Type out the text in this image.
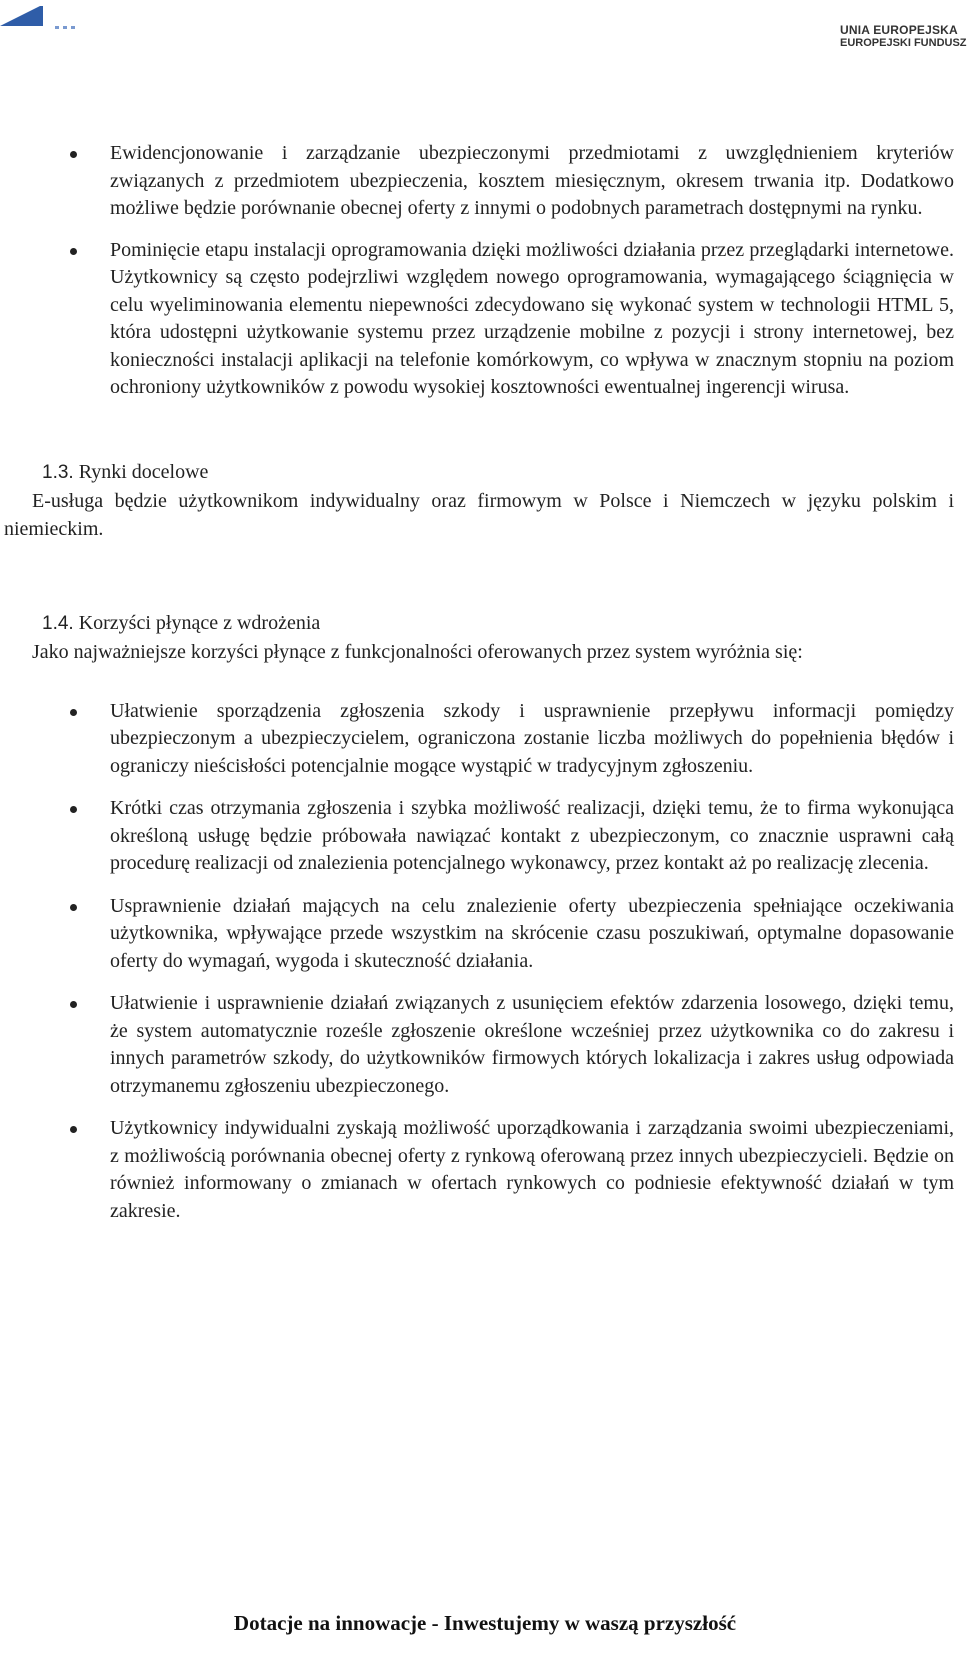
UNIA EUROPEJSKA
EUROPEJSKI FUNDUSZ
Ewidencjonowanie i zarządzanie ubezpieczonymi przedmiotami z uwzględnieniem kryteriów związanych z przedmiotem ubezpieczenia, kosztem miesięcznym, okresem trwania itp. Dodatkowo możliwe będzie porównanie obecnej oferty z innymi o podobnych parametrach dostępnymi na rynku.
Pominięcie etapu instalacji oprogramowania dzięki możliwości działania przez przeglądarki internetowe. Użytkownicy są często podejrzliwi względem nowego oprogramowania, wymagającego ściągnięcia w celu wyeliminowania elementu niepewności zdecydowano się wykonać system w technologii HTML 5, która udostępni użytkowanie systemu przez urządzenie mobilne z pozycji i strony internetowej, bez konieczności instalacji aplikacji na telefonie komórkowym, co wpływa w znacznym stopniu na poziom ochroniony użytkowników z powodu wysokiej kosztowności ewentualnej ingerencji wirusa.
1.3. Rynki docelowe

E-usługa będzie użytkownikom indywidualny oraz firmowym w Polsce i Niemczech w języku polskim i niemieckim.

1.4. Korzyści płynące z wdrożenia

Jako najważniejsze korzyści płynące z funkcjonalności oferowanych przez system wyróżnia się:

Ułatwienie sporządzenia zgłoszenia szkody i usprawnienie przepływu informacji pomiędzy ubezpieczonym a ubezpieczycielem, ograniczona zostanie liczba możliwych do popełnienia błędów i ograniczy nieścisłości potencjalnie mogące wystąpić w tradycyjnym zgłoszeniu.
Krótki czas otrzymania zgłoszenia i szybka możliwość realizacji, dzięki temu, że to firma wykonująca określoną usługę będzie próbowała nawiązać kontakt z ubezpieczonym, co znacznie usprawni całą procedurę realizacji od znalezienia potencjalnego wykonawcy, przez kontakt aż po realizację zlecenia.
Usprawnienie działań mających na celu znalezienie oferty ubezpieczenia spełniające oczekiwania użytkownika, wpływające przede wszystkim na skrócenie czasu poszukiwań, optymalne dopasowanie oferty do wymagań, wygoda i skuteczność działania.
Ułatwienie i usprawnienie działań związanych z usunięciem efektów zdarzenia losowego, dzięki temu, że system automatycznie roześle zgłoszenie określone wcześniej przez użytkownika co do zakresu i innych parametrów szkody, do użytkowników firmowych których lokalizacja i zakres usług odpowiada otrzymanemu zgłoszeniu ubezpieczonego.
Użytkownicy indywidualni zyskają możliwość uporządkowania i zarządzania swoimi ubezpieczeniami, z możliwością porównania obecnej oferty z rynkową oferowaną przez innych ubezpieczycieli. Będzie on również informowany o zmianach w ofertach rynkowych co podniesie efektywność działań w tym zakresie.
Dotacje na innowacje - Inwestujemy w waszą przyszłość
